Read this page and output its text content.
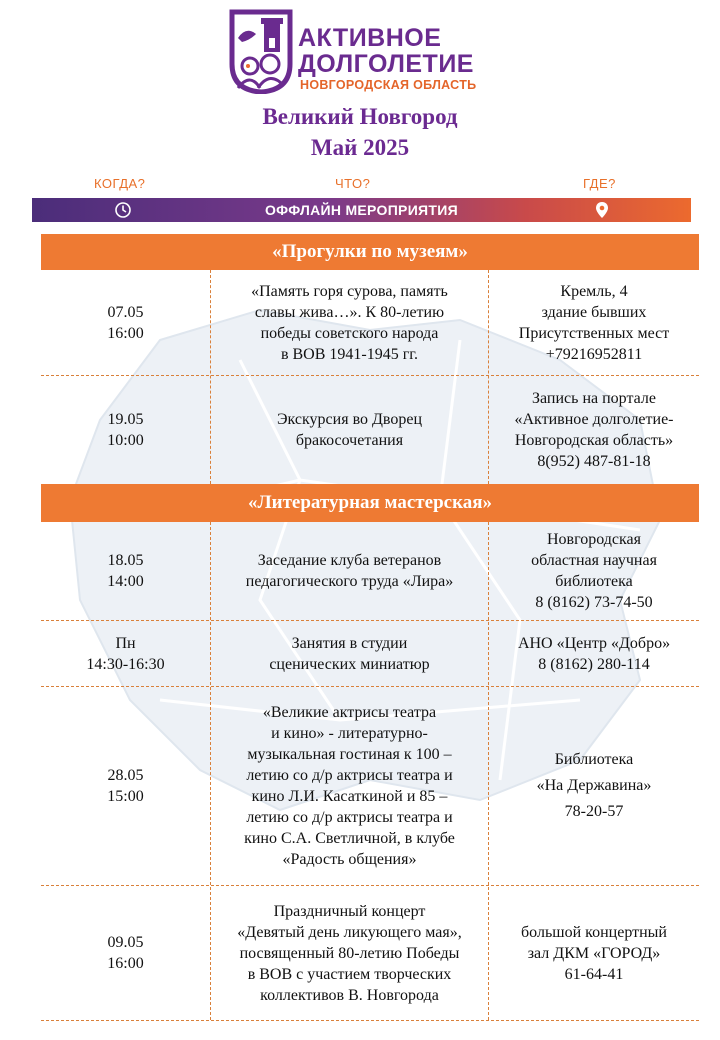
АКТИВНОЕ
ДОЛГОЛЕТИЕ
НОВГОРОДСКАЯ ОБЛАСТЬ
Великий Новгород
Май 2025
КОГДА?	ЧТО?	ГДЕ?
ОФФЛАЙН МЕРОПРИЯТИЯ
«Прогулки по музеям»
07.05
16:00
«Память горя сурова, память
славы жива…». К 80-летию
победы советского народа
в ВОВ 1941-1945 гг.
Кремль, 4
здание бывших
Присутственных мест
+79216952811
19.05
10:00
Экскурсия во Дворец
бракосочетания
Запись на портале
«Активное долголетие-
Новгородская область»
8(952) 487-81-18
«Литературная мастерская»
18.05
14:00
Заседание клуба ветеранов
педагогического труда «Лира»
Новгородская
областная научная
библиотека
8 (8162) 73-74-50
Пн
14:30-16:30
Занятия в студии
сценических миниатюр
АНО «Центр «Добро»
8 (8162) 280-114
28.05
15:00
«Великие актрисы театра
и кино» - литературно-
музыкальная гостиная к 100 –
летию со д/р актрисы театра и
кино Л.И. Касаткиной и 85 –
летию со д/р актрисы театра и
кино С.А. Светличной, в клубе
«Радость общения»
Библиотека
«На Державина»
78-20-57
09.05
16:00
Праздничный концерт
«Девятый день ликующего мая»,
посвященный 80-летию Победы
в ВОВ с участием творческих
коллективов В. Новгорода
большой концертный
зал ДКМ «ГОРОД»
61-64-41
